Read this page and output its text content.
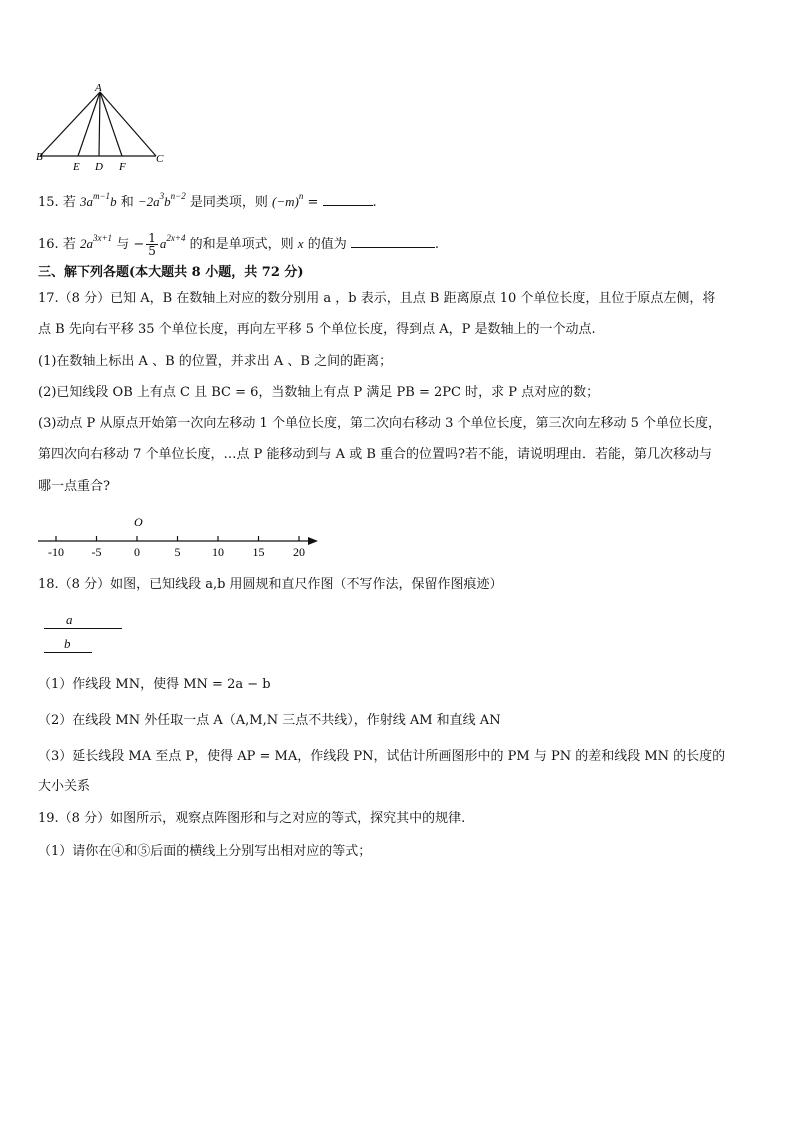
A
B
E D F
C
15. 若 $3a^{m-1}b$ 和 $-2a^3b^{n-2}$ 是同类项，则 $(-m)^n$ =	.
16. 若 $2a^{3x+1}$ 与 − $\frac{1}{5} a^{2x+4}$ 的和是单项式，则 x 的值为	.
三、解下列各题(本大题共 8 小题，共 72 分)
17.（8 分）已知 A，B 在数轴上对应的数分别用 a ，b 表示，且点 B 距离原点 10 个单位长度，且位于原点左侧，将
点 B 先向右平移 35 个单位长度，再向左平移 5 个单位长度，得到点 A，P 是数轴上的一个动点.
(1)在数轴上标出 A 、B 的位置，并求出 A 、B 之间的距离；
(2)已知线段 OB 上有点 C 且 BC = 6，当数轴上有点 P 满足 PB = 2PC 时，求 P 点对应的数；
(3)动点 P 从原点开始第一次向左移动 1 个单位长度，第二次向右移动 3 个单位长度，第三次向左移动 5 个单位长度，
第四次向右移动 7 个单位长度，…点 P 能移动到与 A 或 B 重合的位置吗?若不能，请说明理由．若能，第几次移动与
哪一点重合?
O
-10 -5	0	5	10 15 20
18.（8 分）如图，已知线段 a,b 用圆规和直尺作图（不写作法，保留作图痕迹）
a
b
（1）作线段 MN，使得 MN = 2a − b
（2）在线段 MN 外任取一点 A（A,M,N 三点不共线），作射线 AM 和直线 AN
（3）延长线段 MA 至点 P，使得 AP = MA，作线段 PN，试估计所画图形中的 PM 与 PN 的差和线段 MN 的长度的
大小关系
19.（8 分）如图所示，观察点阵图形和与之对应的等式，探究其中的规律.
（1）请你在④和⑤后面的横线上分别写出相对应的等式；
